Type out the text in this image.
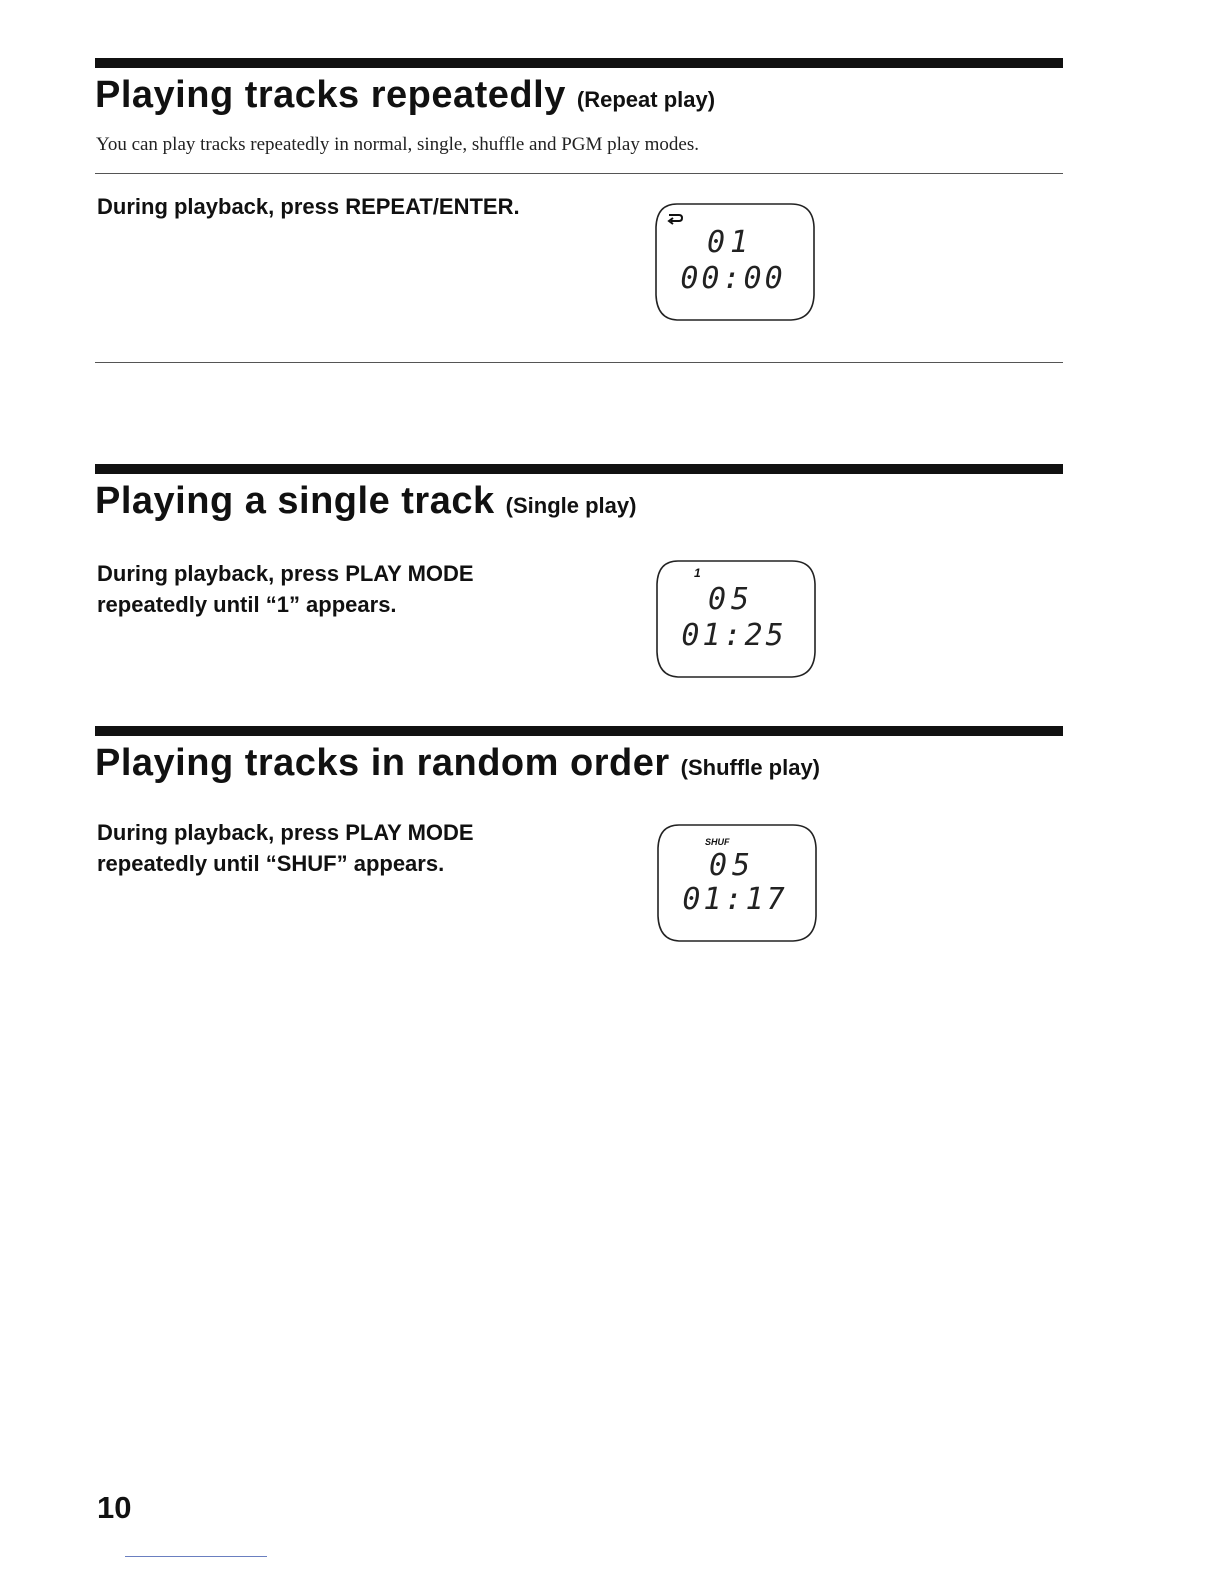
Playing tracks repeatedly (Repeat play)
You can play tracks repeatedly in normal, single, shuffle and PGM play modes.
During playback, press REPEAT/ENTER.
01
00:00
Playing a single track (Single play)
During playback, press PLAY MODE
repeatedly until “1” appears.
1
05
01:25
Playing tracks in random order (Shuffle play)
During playback, press PLAY MODE
repeatedly until “SHUF” appears.
SHUF
05
01:17
10
